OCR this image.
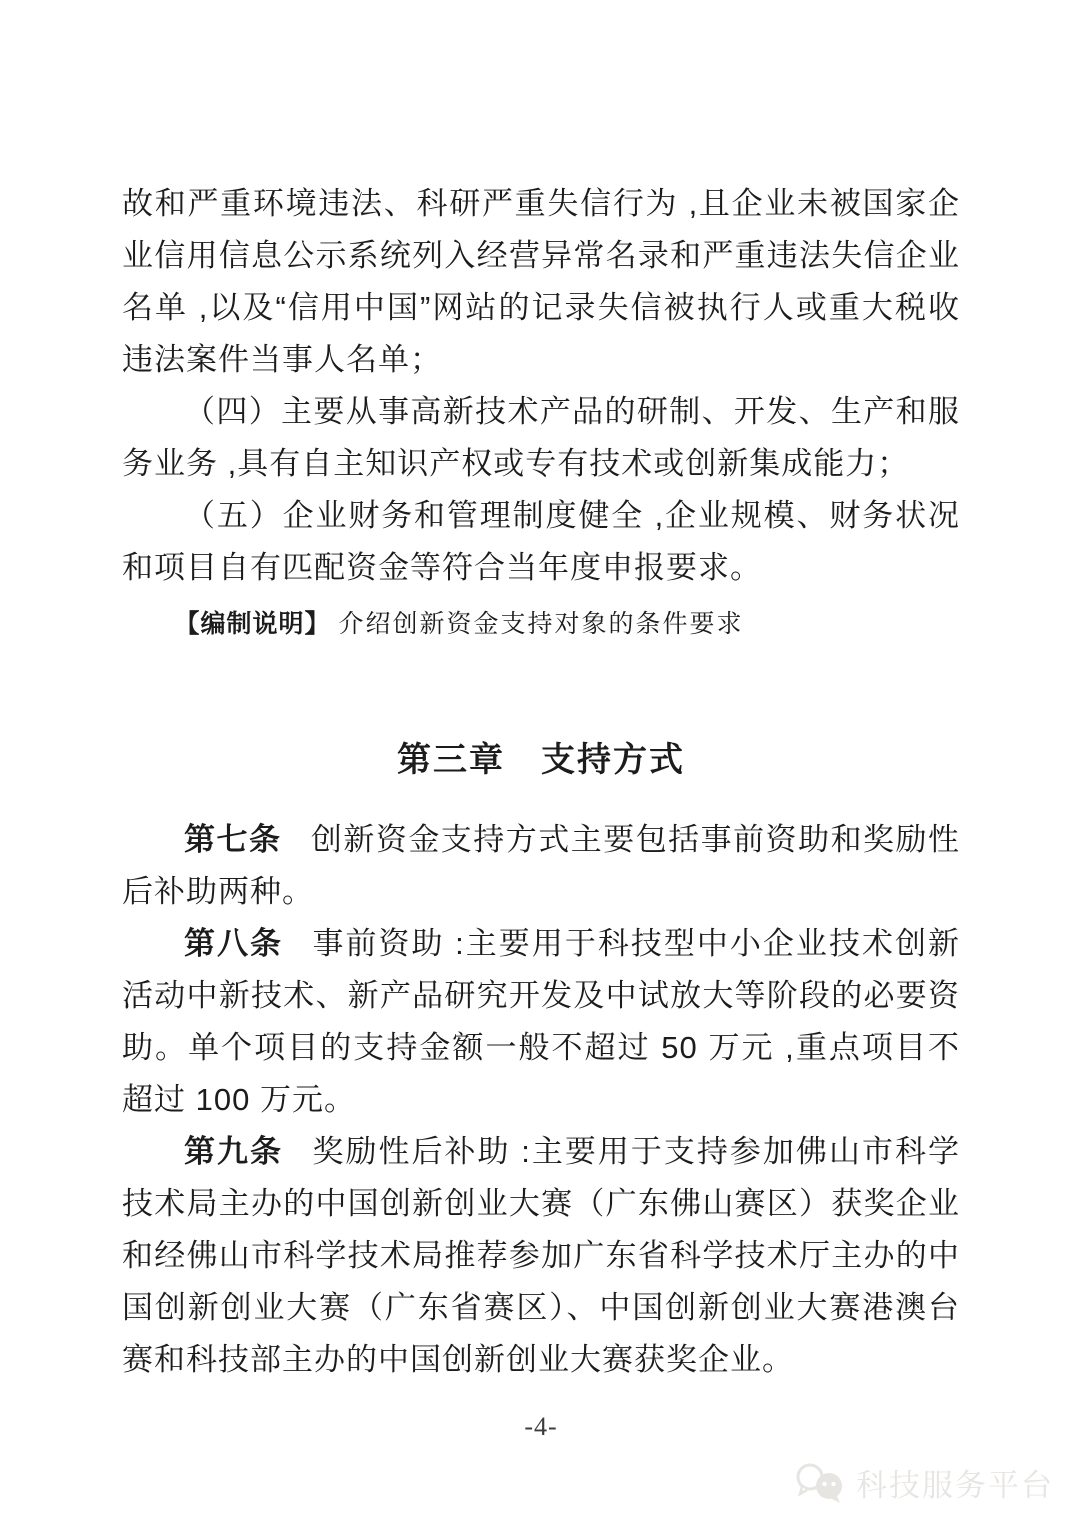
故和严重环境违法、科研严重失信行为 ,且企业未被国家企业信用信息公示系统列入经营异常名录和严重违法失信企业名单 ,以及“信用中国”网站的记录失信被执行人或重大税收违法案件当事人名单；

（四）主要从事高新技术产品的研制、开发、生产和服务业务 ,具有自主知识产权或专有技术或创新集成能力；

（五）企业财务和管理制度健全 ,企业规模、财务状况和项目自有匹配资金等符合当年度申报要求。

【编制说明】 介绍创新资金支持对象的条件要求

第三章　支持方式

第七条 创新资金支持方式主要包括事前资助和奖励性后补助两种。

第八条 事前资助 :主要用于科技型中小企业技术创新活动中新技术、新产品研究开发及中试放大等阶段的必要资助。单个项目的支持金额一般不超过 50 万元 ,重点项目不超过 100 万元。

第九条 奖励性后补助 :主要用于支持参加佛山市科学技术局主办的中国创新创业大赛（广东佛山赛区）获奖企业和经佛山市科学技术局推荐参加广东省科学技术厅主办的中国创新创业大赛（广东省赛区）、中国创新创业大赛港澳台赛和科技部主办的中国创新创业大赛获奖企业。

-4-
科技服务平台
